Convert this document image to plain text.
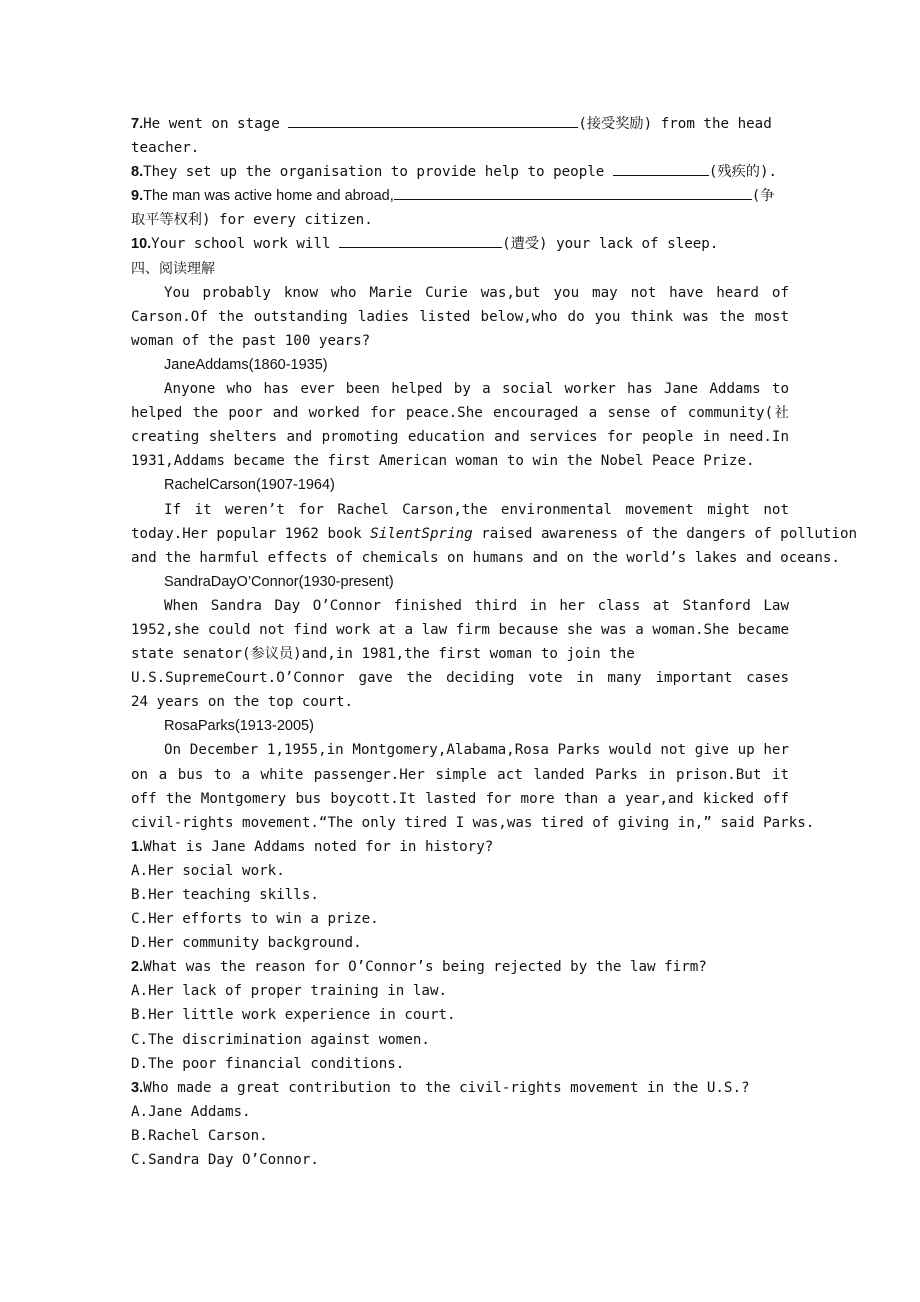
7.He went on stage	(接受奖励) from the head
teacher.
8.They set up the organisation to provide help to people	(残疾的).
9.The man was active home and abroad,	(争
取平等权利) for every citizen.
10.Your school work will	(遭受) your lack of sleep.
四、阅读理解
You probably know who Marie Curie was,but you may not have heard of
Carson.Of the outstanding ladies listed below,who do you think was the most
woman of the past 100 years?
JaneAddams(1860-1935)
Anyone who has ever been helped by a social worker has Jane Addams to
helped the poor and worked for peace.She encouraged a sense of community(社
creating shelters and promoting education and services for people in need.In
1931,Addams became the first American woman to win the Nobel Peace Prize.
RachelCarson(1907-1964)
If it weren’t for Rachel Carson,the environmental movement might not
today.Her popular 1962 book SilentSpring raised awareness of the dangers of pollution
and the harmful effects of chemicals on humans and on the world’s lakes and oceans.
SandraDayO’Connor(1930-present)
When Sandra Day O’Connor finished third in her class at Stanford Law
1952,she could not find work at a law firm because she was a woman.She became
state senator(参议员)and,in 1981,the first woman to join the
U.S.SupremeCourt.O’Connor gave the deciding vote in many important cases
24 years on the top court.
RosaParks(1913-2005)
On December 1,1955,in Montgomery,Alabama,Rosa Parks would not give up her
on a bus to a white passenger.Her simple act landed Parks in prison.But it
off the Montgomery bus boycott.It lasted for more than a year,and kicked off
civil-rights movement.“The only tired I was,was tired of giving in,” said Parks.
1.What is Jane Addams noted for in history?
A.Her social work.
B.Her teaching skills.
C.Her efforts to win a prize.
D.Her community background.
2.What was the reason for O’Connor’s being rejected by the law firm?
A.Her lack of proper training in law.
B.Her little work experience in court.
C.The discrimination against women.
D.The poor financial conditions.
3.Who made a great contribution to the civil-rights movement in the U.S.?
A.Jane Addams.
B.Rachel Carson.
C.Sandra Day O’Connor.
